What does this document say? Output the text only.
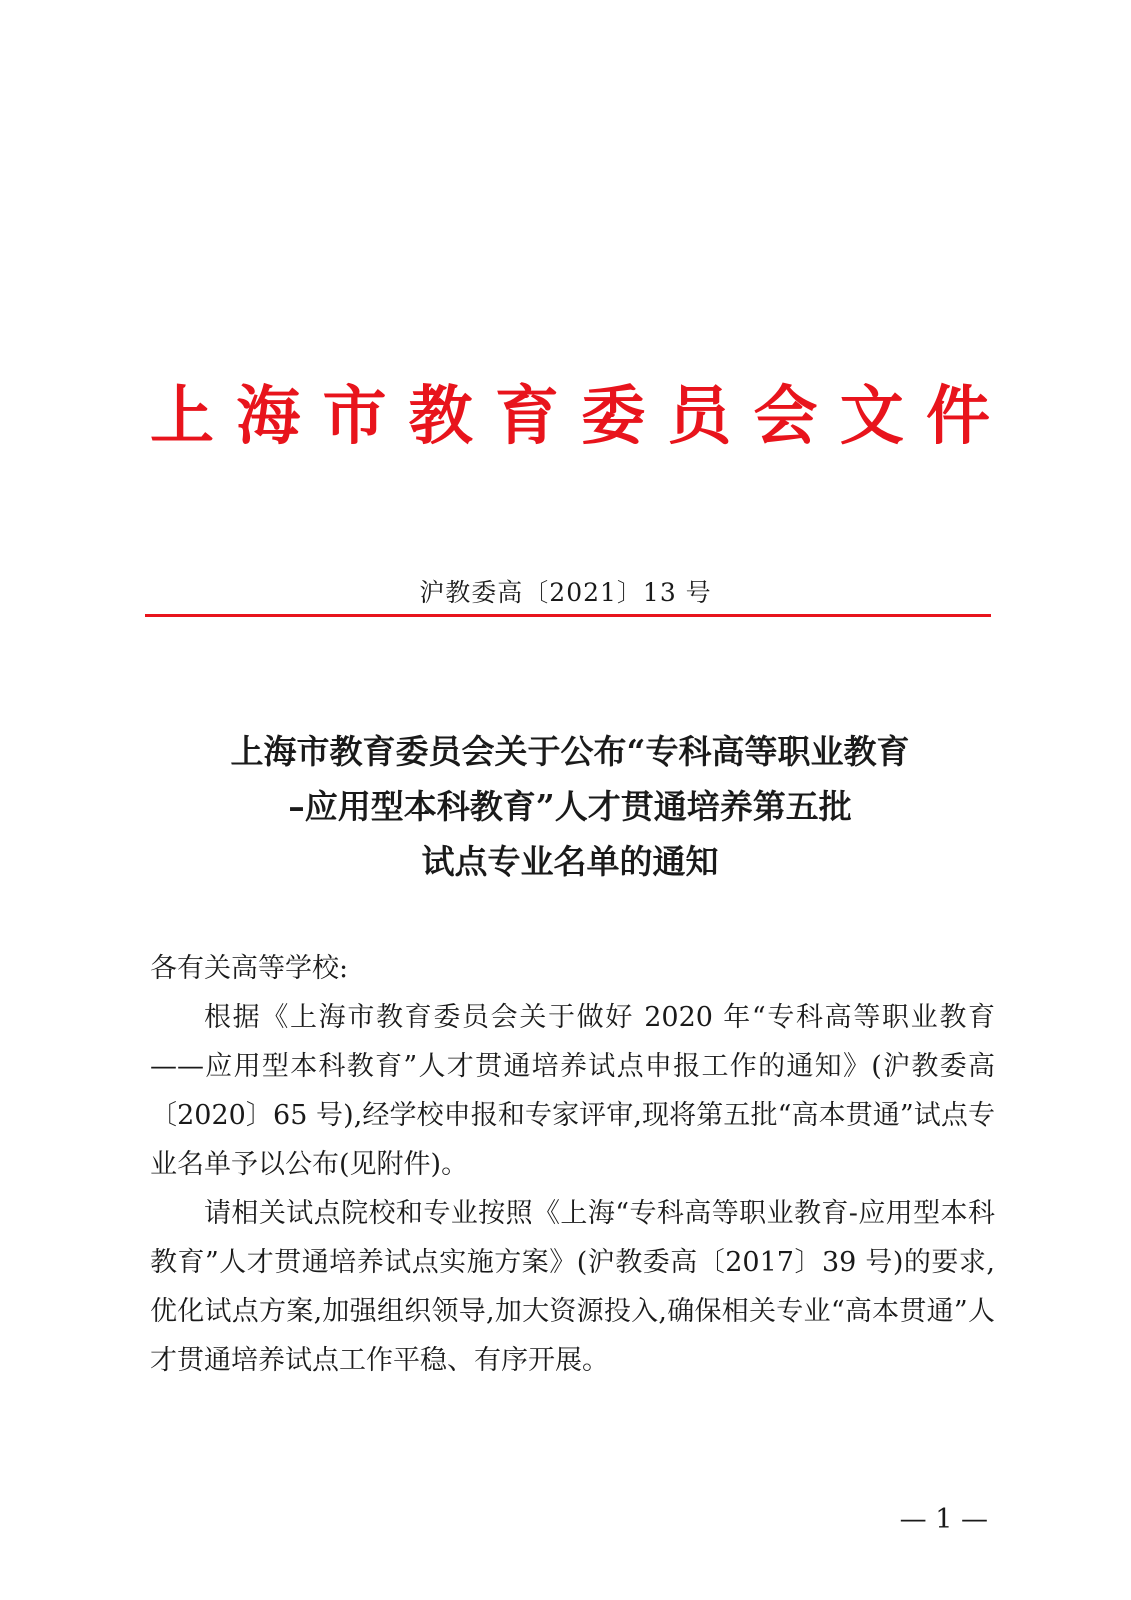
上 海 市 教 育 委 员 会 文 件
沪教委高〔2021〕13 号
上海市教育委员会关于公布“专科高等职业教育
–应用型本科教育”人才贯通培养第五批
试点专业名单的通知
各有关高等学校:

根据《上海市教育委员会关于做好 2020 年“专科高等职业教育——应用型本科教育”人才贯通培养试点申报工作的通知》(沪教委高〔2020〕65 号),经学校申报和专家评审,现将第五批“高本贯通”试点专业名单予以公布(见附件)。

请相关试点院校和专业按照《上海“专科高等职业教育-应用型本科教育”人才贯通培养试点实施方案》(沪教委高〔2017〕39 号)的要求,优化试点方案,加强组织领导,加大资源投入,确保相关专业“高本贯通”人才贯通培养试点工作平稳、有序开展。

— 1 —
